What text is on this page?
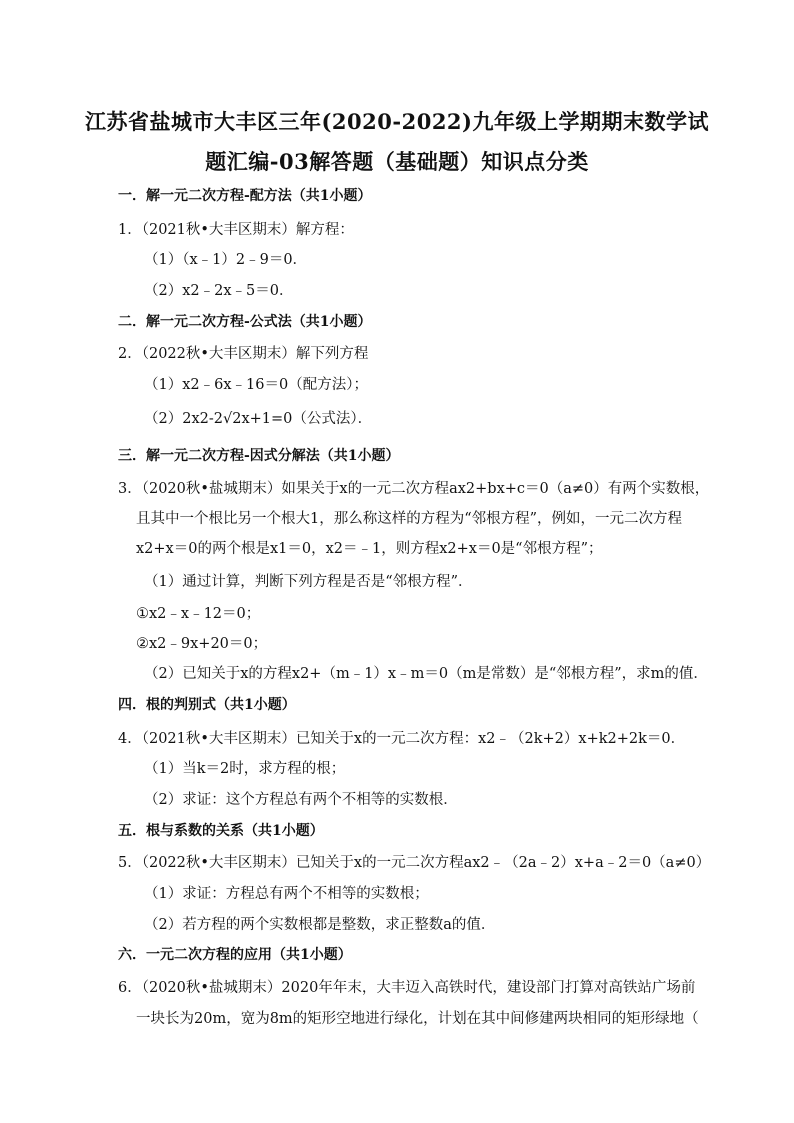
江苏省盐城市大丰区三年(2020-2022)九年级上学期期末数学试
题汇编-03解答题（基础题）知识点分类
一．解一元二次方程-配方法（共1小题）
1．（2021秋•大丰区期末）解方程：
（1）（x﹣1）2﹣9＝0．
（2）x2﹣2x﹣5＝0．
二．解一元二次方程-公式法（共1小题）
2．（2022秋•大丰区期末）解下列方程
（1）x2﹣6x﹣16＝0（配方法）；
（2）2x2-2√2x+1=0（公式法）．
三．解一元二次方程-因式分解法（共1小题）
3．（2020秋•盐城期末）如果关于x的一元二次方程ax2+bx+c＝0（a≠0）有两个实数根，
且其中一个根比另一个根大1，那么称这样的方程为“邻根方程”，例如，一元二次方程
x2+x＝0的两个根是x1＝0，x2＝﹣1，则方程x2+x＝0是“邻根方程”；
（1）通过计算，判断下列方程是否是“邻根方程”．
①x2﹣x﹣12＝0；
②x2﹣9x+20＝0；
（2）已知关于x的方程x2+（m﹣1）x﹣m＝0（m是常数）是“邻根方程”，求m的值．
四．根的判别式（共1小题）
4．（2021秋•大丰区期末）已知关于x的一元二次方程：x2﹣（2k+2）x+k2+2k＝0．
（1）当k＝2时，求方程的根；
（2）求证：这个方程总有两个不相等的实数根．
五．根与系数的关系（共1小题）
5．（2022秋•大丰区期末）已知关于x的一元二次方程ax2﹣（2a﹣2）x+a﹣2＝0（a≠0）
（1）求证：方程总有两个不相等的实数根；
（2）若方程的两个实数根都是整数，求正整数a的值．
六．一元二次方程的应用（共1小题）
6．（2020秋•盐城期末）2020年年末，大丰迈入高铁时代，建设部门打算对高铁站广场前
一块长为20m，宽为8m的矩形空地进行绿化，计划在其中间修建两块相同的矩形绿地（
